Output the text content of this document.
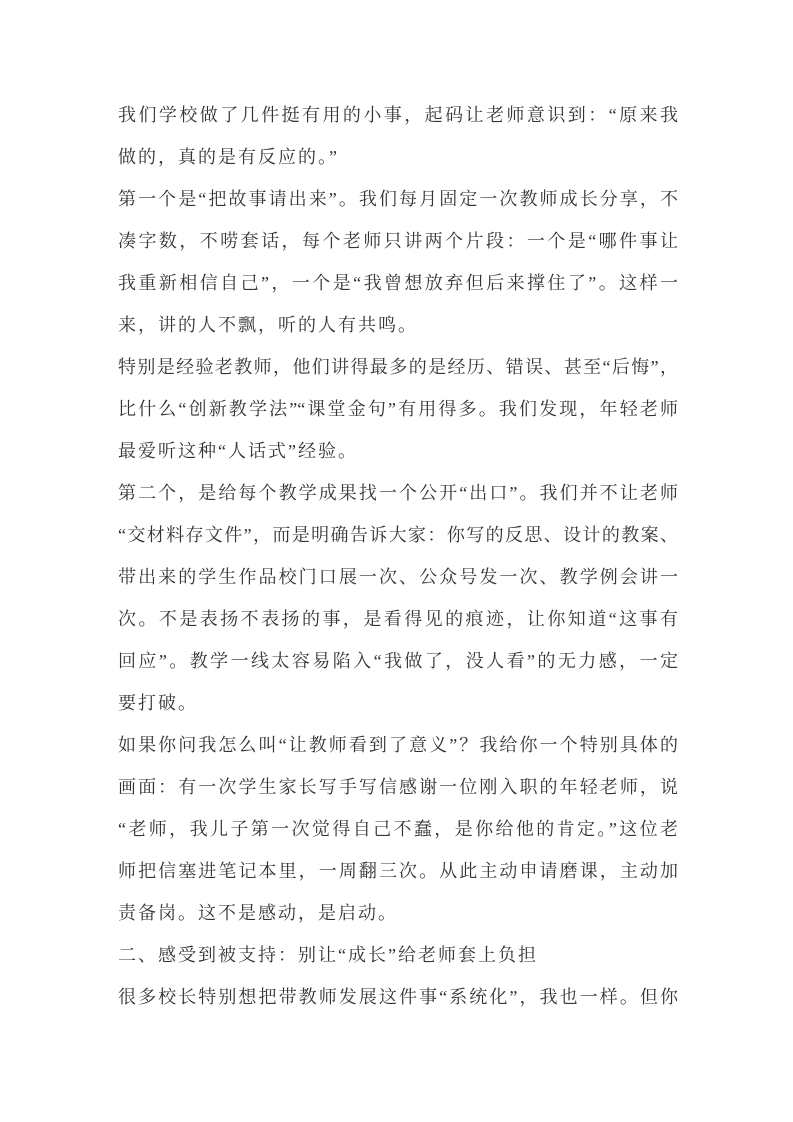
我们学校做了几件挺有用的小事，起码让老师意识到：“原来我
做的，真的是有反应的。”
第一个是“把故事请出来”。我们每月固定一次教师成长分享，不
凑字数，不唠套话，每个老师只讲两个片段：一个是“哪件事让
我重新相信自己”，一个是“我曾想放弃但后来撑住了”。这样一
来，讲的人不飘，听的人有共鸣。
特别是经验老教师，他们讲得最多的是经历、错误、甚至“后悔”，
比什么“创新教学法”“课堂金句”有用得多。我们发现，年轻老师
最爱听这种“人话式”经验。
第二个，是给每个教学成果找一个公开“出口”。我们并不让老师
“交材料存文件”，而是明确告诉大家：你写的反思、设计的教案、
带出来的学生作品校门口展一次、公众号发一次、教学例会讲一
次。不是表扬不表扬的事，是看得见的痕迹，让你知道“这事有
回应”。教学一线太容易陷入“我做了，没人看”的无力感，一定
要打破。
如果你问我怎么叫“让教师看到了意义”？我给你一个特别具体的
画面：有一次学生家长写手写信感谢一位刚入职的年轻老师，说
“老师，我儿子第一次觉得自己不蠢，是你给他的肯定。”这位老
师把信塞进笔记本里，一周翻三次。从此主动申请磨课，主动加
责备岗。这不是感动，是启动。
二、感受到被支持：别让“成长”给老师套上负担
很多校长特别想把带教师发展这件事“系统化”，我也一样。但你
